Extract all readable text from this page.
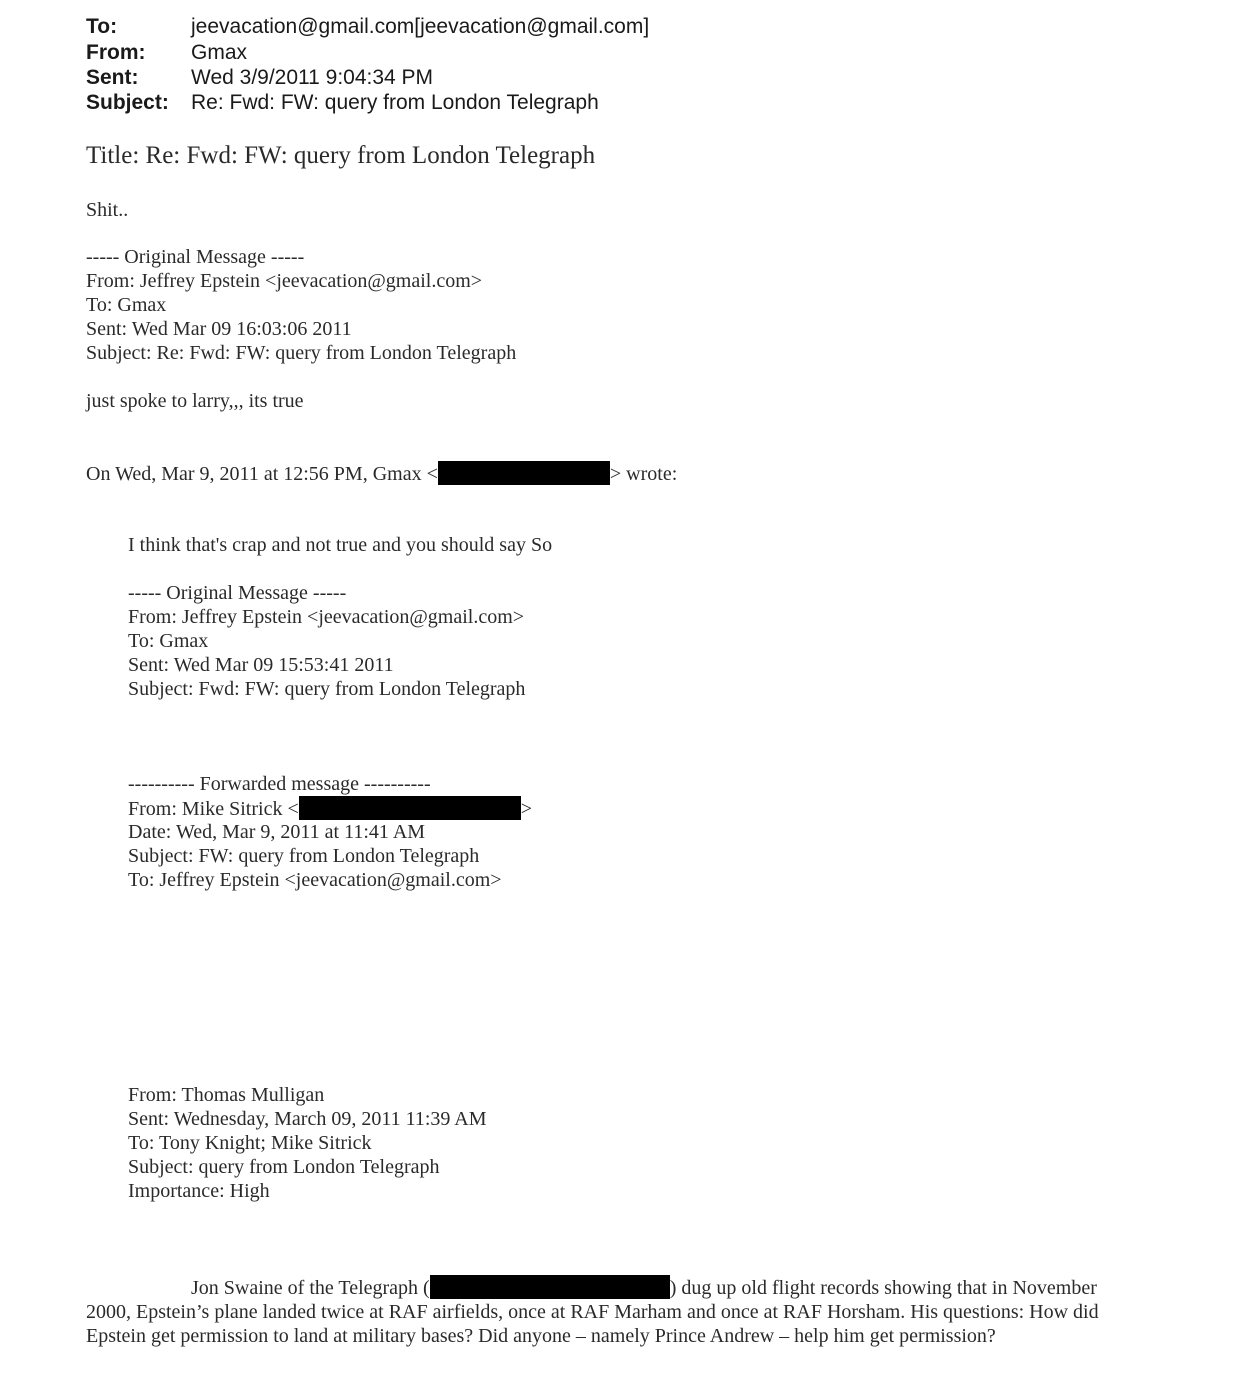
To:	jeevacation@gmail.com[jeevacation@gmail.com]
From: Gmax
Sent:	Wed 3/9/2011 9:04:34 PM
Subject: Re: Fwd: FW: query from London Telegraph
Title: Re: Fwd: FW: query from London Telegraph
Shit..
----- Original Message -----
From: Jeffrey Epstein <jeevacation@gmail.com>
To: Gmax
Sent: Wed Mar 09 16:03:06 2011
Subject: Re: Fwd: FW: query from London Telegraph
just spoke to larry,,, its true
On Wed, Mar 9, 2011 at 12:56 PM, Gmax <	> wrote:
I think that's crap and not true and you should say So
----- Original Message -----
From: Jeffrey Epstein <jeevacation@gmail.com>
To: Gmax
Sent: Wed Mar 09 15:53:41 2011
Subject: Fwd: FW: query from London Telegraph
---------- Forwarded message ----------
From: Mike Sitrick <	>
Date: Wed, Mar 9, 2011 at 11:41 AM
Subject: FW: query from London Telegraph
To: Jeffrey Epstein <jeevacation@gmail.com>
From: Thomas Mulligan
Sent: Wednesday, March 09, 2011 11:39 AM
To: Tony Knight; Mike Sitrick
Subject: query from London Telegraph
Importance: High
Jon Swaine of the Telegraph (	) dug up old flight records showing that in November 2000, Epstein’s plane landed twice at RAF airfields, once at RAF Marham and once at RAF Horsham. His questions: How did Epstein get permission to land at military bases? Did anyone – namely Prince Andrew – help him get permission?
